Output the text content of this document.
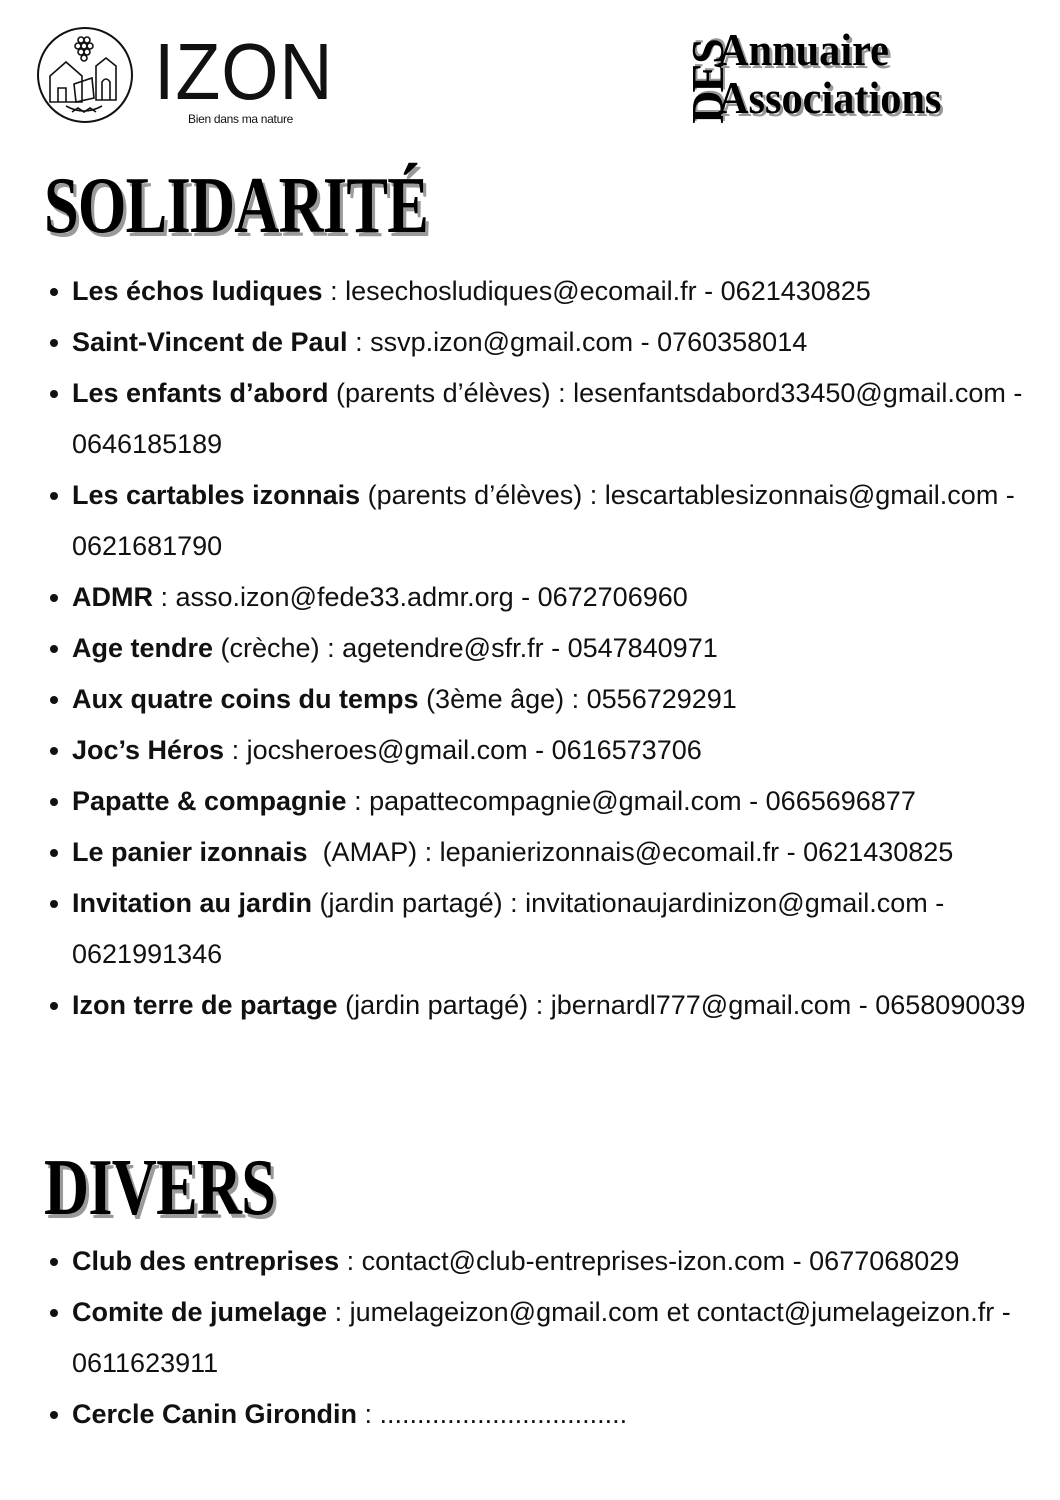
IZON
Bien dans ma nature	DES
Annuaire
Associations
SOLIDARITÉ
Les échos ludiques : lesechosludiques@ecomail.fr - 0621430825
Saint-Vincent de Paul : ssvp.izon@gmail.com - 0760358014
Les enfants d’abord (parents d’élèves) : lesenfantsdabord33450@gmail.com - 0646185189
Les cartables izonnais (parents d’élèves) : lescartablesizonnais@gmail.com - 0621681790
ADMR : asso.izon@fede33.admr.org - 0672706960
Age tendre (crèche) : agetendre@sfr.fr - 0547840971
Aux quatre coins du temps (3ème âge) : 0556729291
Joc’s Héros : jocsheroes@gmail.com - 0616573706
Papatte & compagnie : papattecompagnie@gmail.com - 0665696877
Le panier izonnais  (AMAP) : lepanierizonnais@ecomail.fr - 0621430825
Invitation au jardin (jardin partagé) : invitationaujardinizon@gmail.com - 0621991346
Izon terre de partage (jardin partagé) : jbernardl777@gmail.com - 0658090039
DIVERS
Club des entreprises : contact@club-entreprises-izon.com - 0677068029
Comite de jumelage : jumelageizon@gmail.com et contact@jumelageizon.fr - 0611623911
Cercle Canin Girondin : .................................
